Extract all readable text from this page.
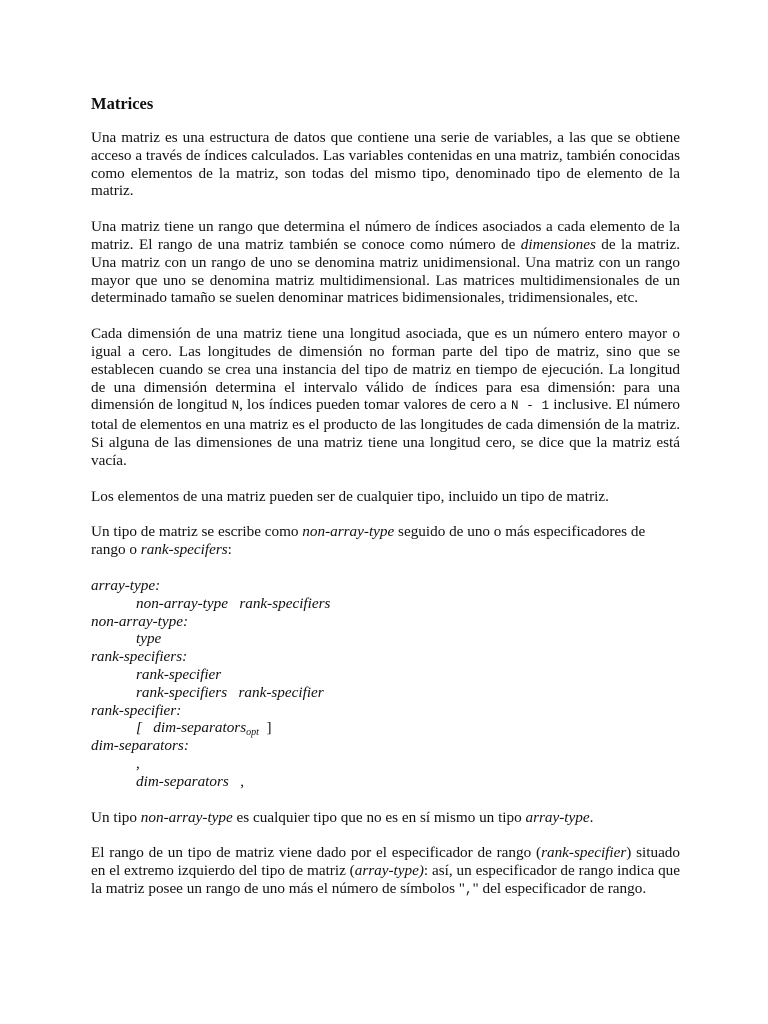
Matrices

Una matriz es una estructura de datos que contiene una serie de variables, a las que se obtiene acceso a través de índices calculados. Las variables contenidas en una matriz, también conocidas como elementos de la matriz, son todas del mismo tipo, denominado tipo de elemento de la matriz.

Una matriz tiene un rango que determina el número de índices asociados a cada elemento de la matriz. El rango de una matriz también se conoce como número de dimensiones de la matriz. Una matriz con un rango de uno se denomina matriz unidimensional. Una matriz con un rango mayor que uno se denomina matriz multidimensional. Las matrices multidimensionales de un determinado tamaño se suelen denominar matrices bidimensionales, tridimensionales, etc.

Cada dimensión de una matriz tiene una longitud asociada, que es un número entero mayor o igual a cero. Las longitudes de dimensión no forman parte del tipo de matriz, sino que se establecen cuando se crea una instancia del tipo de matriz en tiempo de ejecución. La longitud de una dimensión determina el intervalo válido de índices para esa dimensión: para una dimensión de longitud N, los índices pueden tomar valores de cero a N - 1 inclusive. El número total de elementos en una matriz es el producto de las longitudes de cada dimensión de la matriz. Si alguna de las dimensiones de una matriz tiene una longitud cero, se dice que la matriz está vacía.

Los elementos de una matriz pueden ser de cualquier tipo, incluido un tipo de matriz.

Un tipo de matriz se escribe como non-array-type seguido de uno o más especificadores de rango o rank-specifers:

array-type:
non-array-type   rank-specifiers
non-array-type:
type
rank-specifiers:
rank-specifier
rank-specifiers   rank-specifier
rank-specifier:
[   dim-separators$_{opt}$  ]
dim-separators:
,
dim-separators   ,

Un tipo non-array-type es cualquier tipo que no es en sí mismo un tipo array-type.

El rango de un tipo de matriz viene dado por el especificador de rango (rank-specifier) situado en el extremo izquierdo del tipo de matriz (array-type): así, un especificador de rango indica que la matriz posee un rango de uno más el número de símbolos "," del especificador de rango.
